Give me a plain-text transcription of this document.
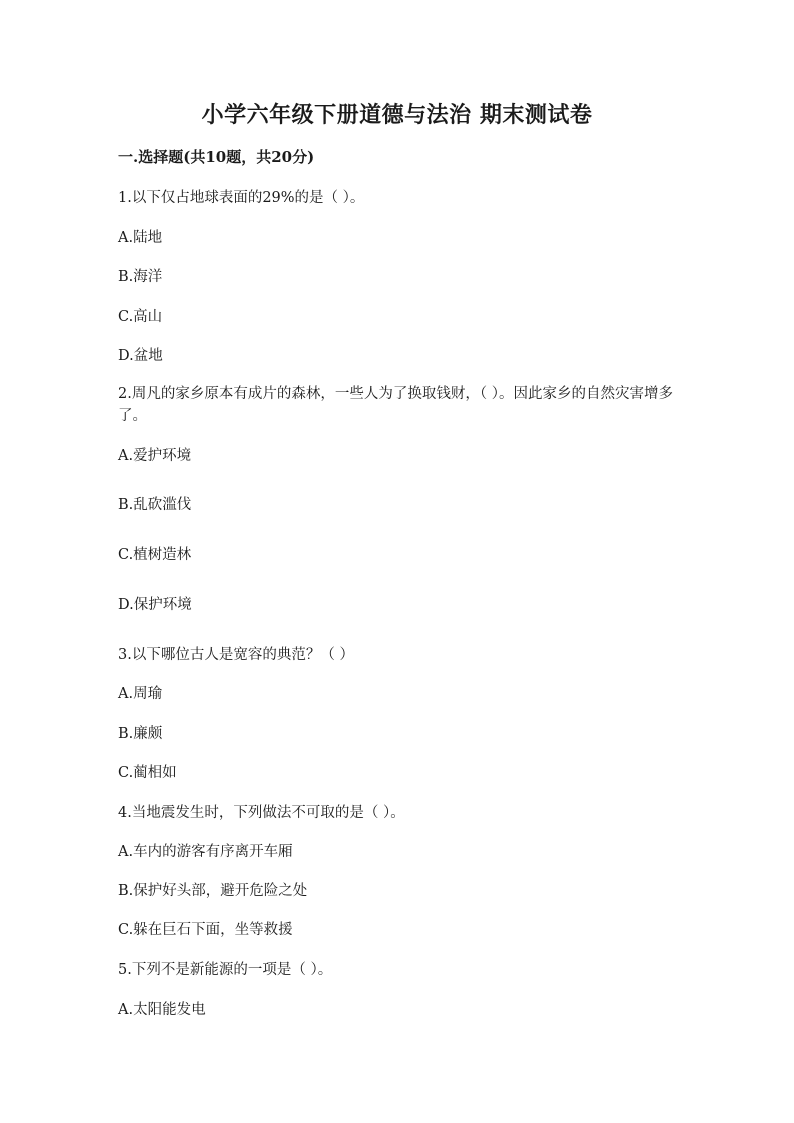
小学六年级下册道德与法治 期末测试卷
一.选择题(共10题，共20分)
1.以下仅占地球表面的29%的是（ ）。
A.陆地
B.海洋
C.高山
D.盆地
2.周凡的家乡原本有成片的森林，一些人为了换取钱财，（ ）。因此家乡的自然灾害增多了。
A.爱护环境
B.乱砍滥伐
C.植树造林
D.保护环境
3.以下哪位古人是宽容的典范？（ ）
A.周瑜
B.廉颇
C.蔺相如
4.当地震发生时，下列做法不可取的是（ ）。
A.车内的游客有序离开车厢
B.保护好头部，避开危险之处
C.躲在巨石下面，坐等救援
5.下列不是新能源的一项是（ ）。
A.太阳能发电
